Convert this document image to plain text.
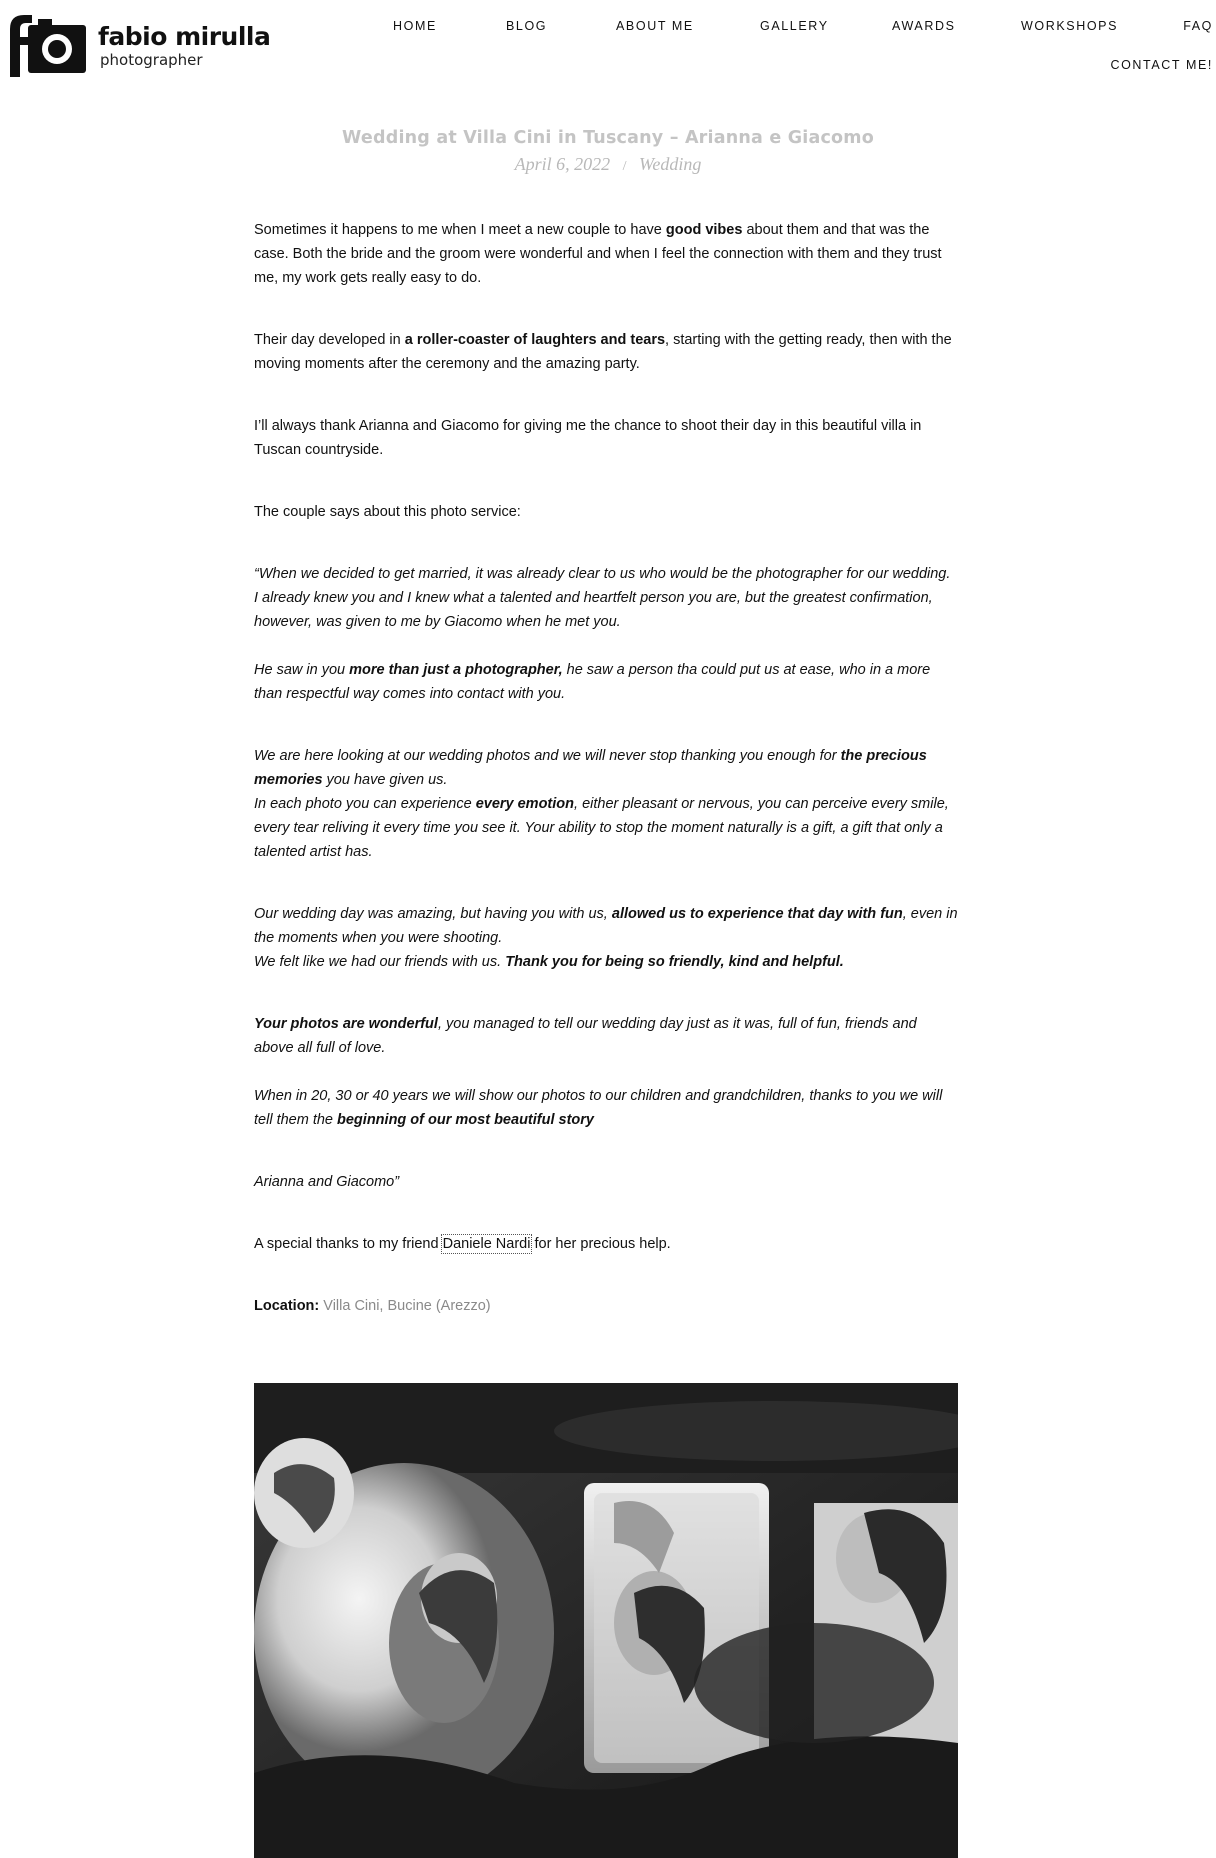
fabio mirulla
photographer
HOME	BLOG	ABOUT ME	GALLERY	AWARDS	WORKSHOPS	FAQ
CONTACT ME!
Wedding at Villa Cini in Tuscany – Arianna e Giacomo
April 6, 2022 / Wedding

Sometimes it happens to me when I meet a new couple to have good vibes about them and that was the case. Both the bride and the groom were wonderful and when I feel the connection with them and they trust me, my work gets really easy to do.

Their day developed in a roller-coaster of laughters and tears, starting with the getting ready, then with the moving moments after the ceremony and the amazing party.

I’ll always thank Arianna and Giacomo for giving me the chance to shoot their day in this beautiful villa in Tuscan countryside.

The couple says about this photo service:

“When we decided to get married, it was already clear to us who would be the photographer for our wedding.
I already knew you and I knew what a talented and heartfelt person you are, but the greatest confirmation, however, was given to me by Giacomo when he met you.

He saw in you more than just a photographer, he saw a person tha could put us at ease, who in a more than respectful way comes into contact with you.

We are here looking at our wedding photos and we will never stop thanking you enough for the precious memories you have given us.
In each photo you can experience every emotion, either pleasant or nervous, you can perceive every smile, every tear reliving it every time you see it. Your ability to stop the moment naturally is a gift, a gift that only a talented artist has.

Our wedding day was amazing, but having you with us, allowed us to experience that day with fun, even in the moments when you were shooting.
We felt like we had our friends with us. Thank you for being so friendly, kind and helpful.

Your photos are wonderful, you managed to tell our wedding day just as it was, full of fun, friends and above all full of love.

When in 20, 30 or 40 years we will show our photos to our children and grandchildren, thanks to you we will tell them the beginning of our most beautiful story

Arianna and Giacomo”

A special thanks to my friend Daniele Nardi for her precious help.

Location: Villa Cini, Bucine (Arezzo)
